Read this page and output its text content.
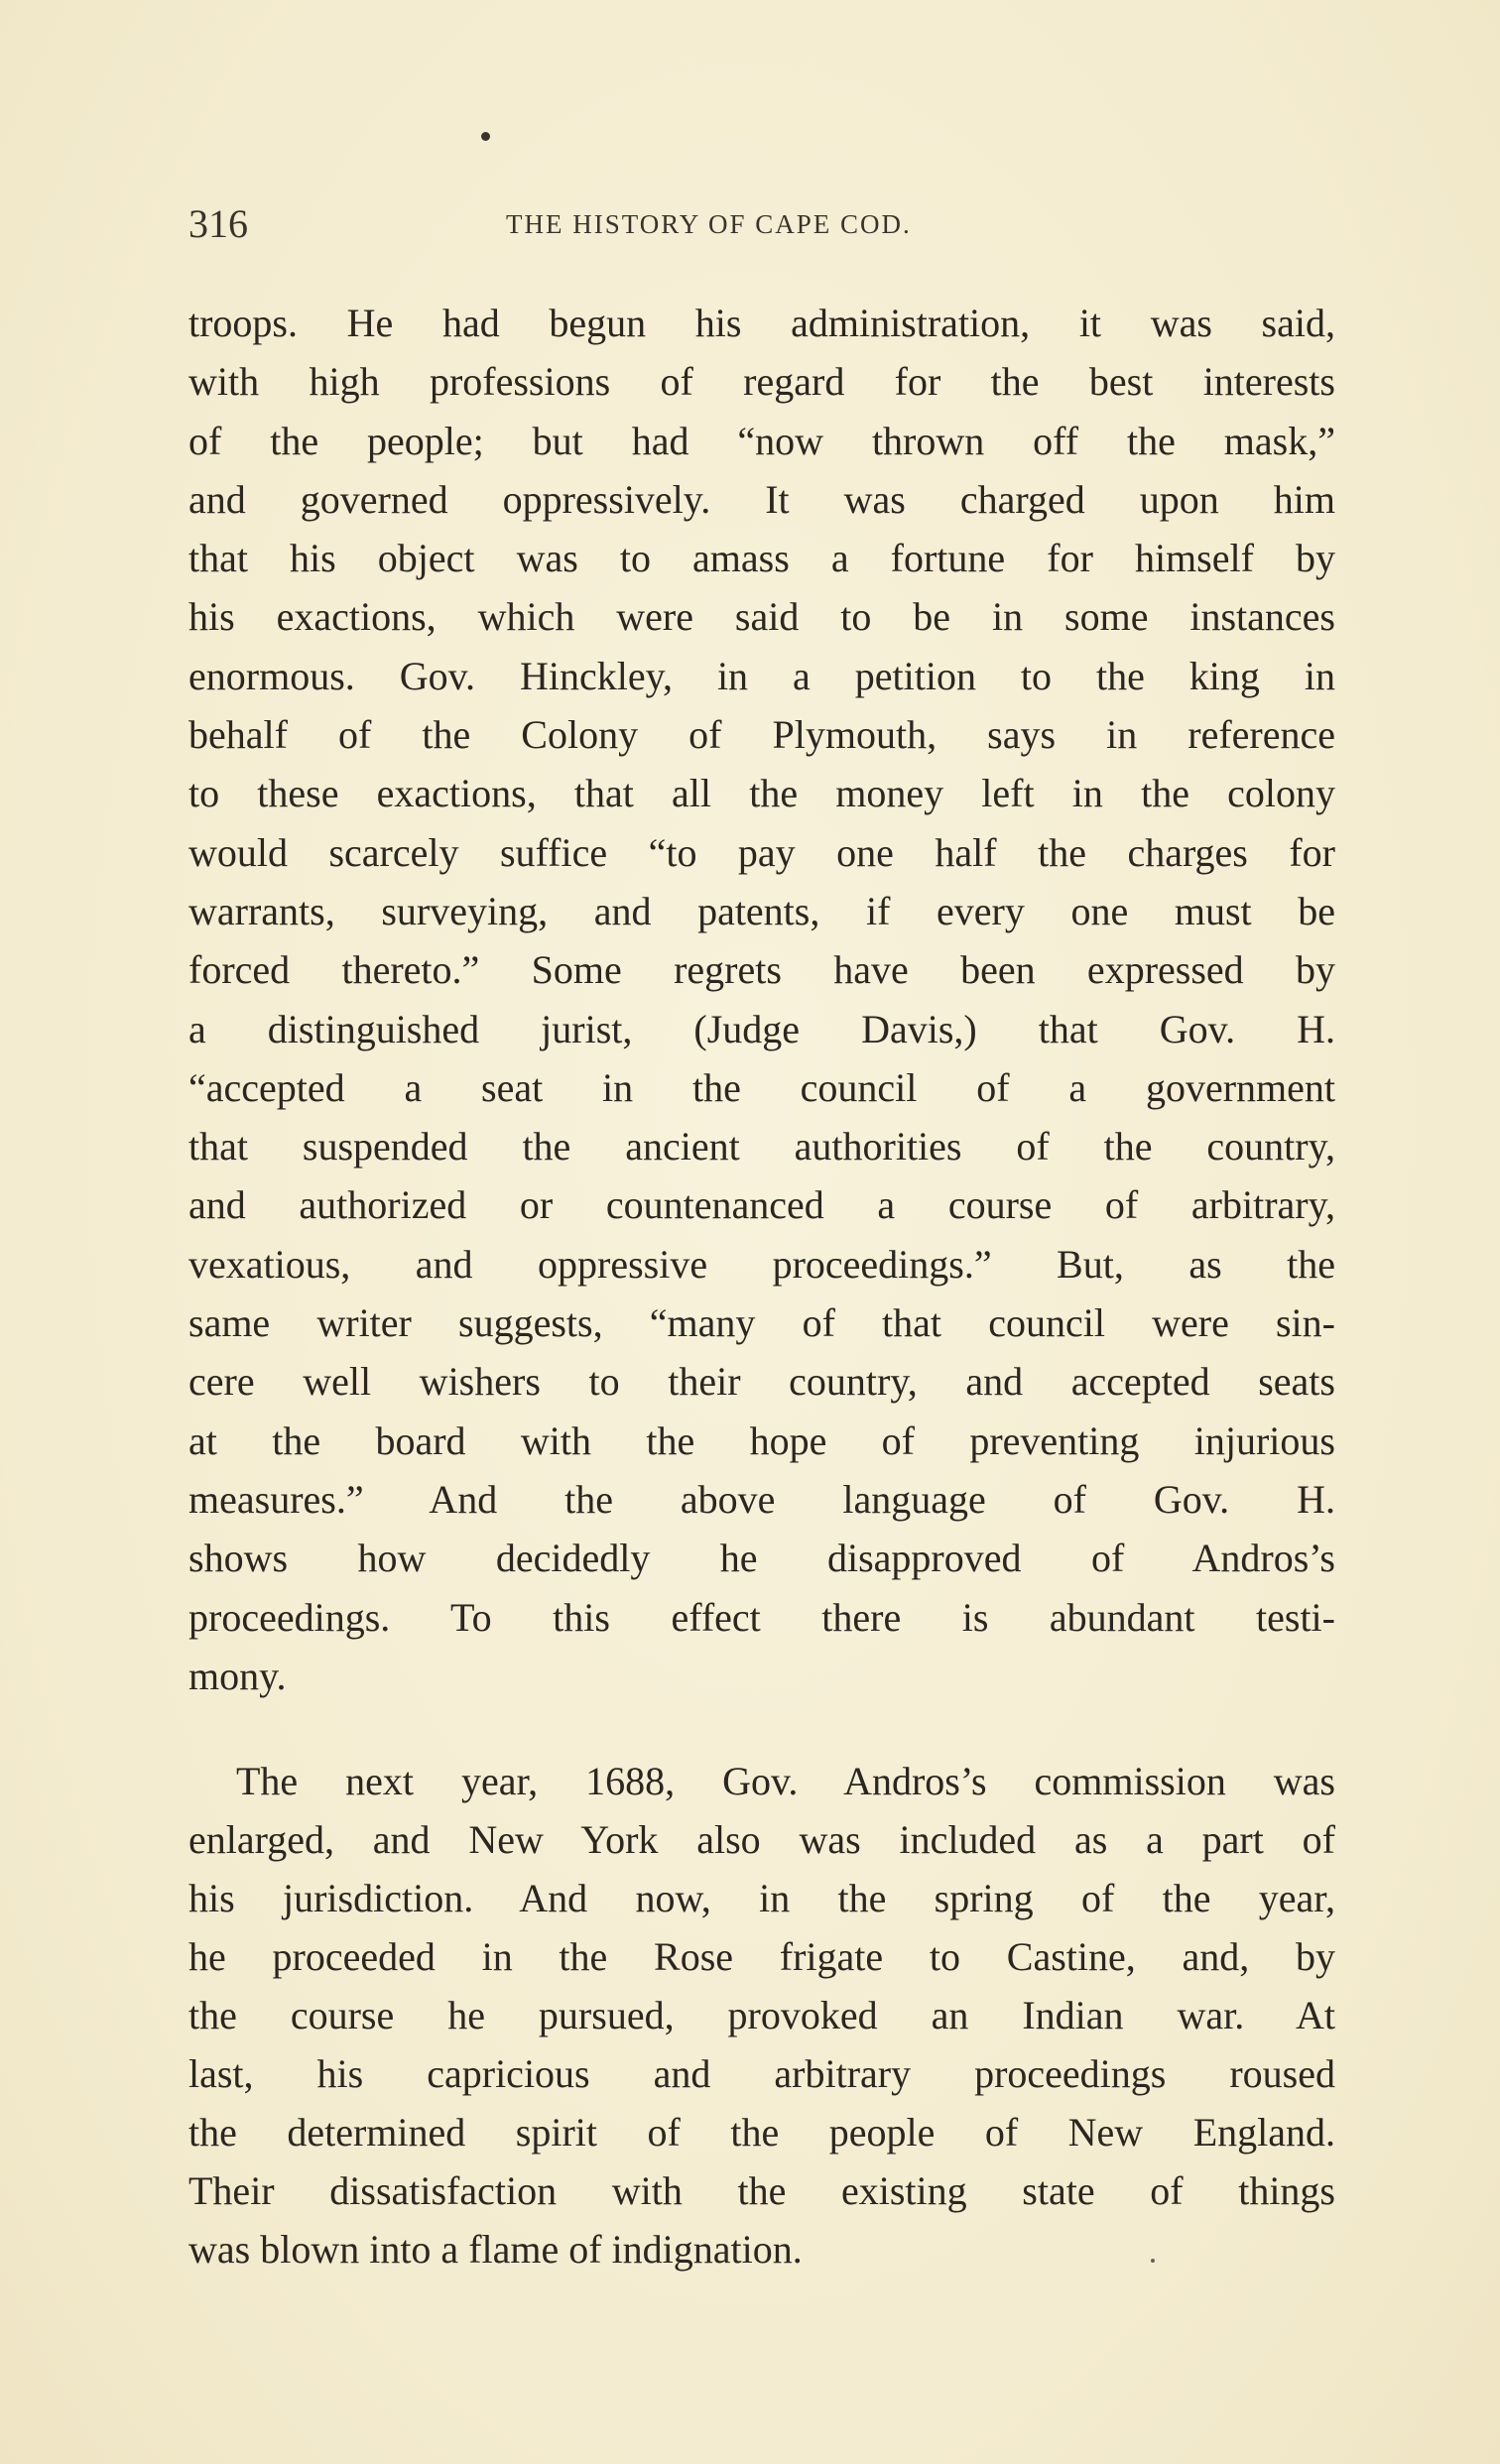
316	THE HISTORY OF CAPE COD.
troops. He had begun his administration, it was said,
with high professions of regard for the best interests
of the people; but had “now thrown off the mask,”
and governed oppressively. It was charged upon him
that his object was to amass a fortune for himself by
his exactions, which were said to be in some instances
enormous. Gov. Hinckley, in a petition to the king in
behalf of the Colony of Plymouth, says in reference
to these exactions, that all the money left in the colony
would scarcely suffice “to pay one half the charges for
warrants, surveying, and patents, if every one must be
forced thereto.” Some regrets have been expressed by
a distinguished jurist, (Judge Davis,) that Gov. H.
“accepted a seat in the council of a government
that suspended the ancient authorities of the country,
and authorized or countenanced a course of arbitrary,
vexatious, and oppressive proceedings.” But, as the
same writer suggests, “many of that council were sin-
cere well wishers to their country, and accepted seats
at the board with the hope of preventing injurious
measures.” And the above language of Gov. H.
shows how decidedly he disapproved of Andros’s
proceedings. To this effect there is abundant testi-
mony.
The next year, 1688, Gov. Andros’s commission was
enlarged, and New York also was included as a part of
his jurisdiction. And now, in the spring of the year,
he proceeded in the Rose frigate to Castine, and, by
the course he pursued, provoked an Indian war. At
last, his capricious and arbitrary proceedings roused
the determined spirit of the people of New England.
Their dissatisfaction with the existing state of things
was blown into a flame of indignation.
